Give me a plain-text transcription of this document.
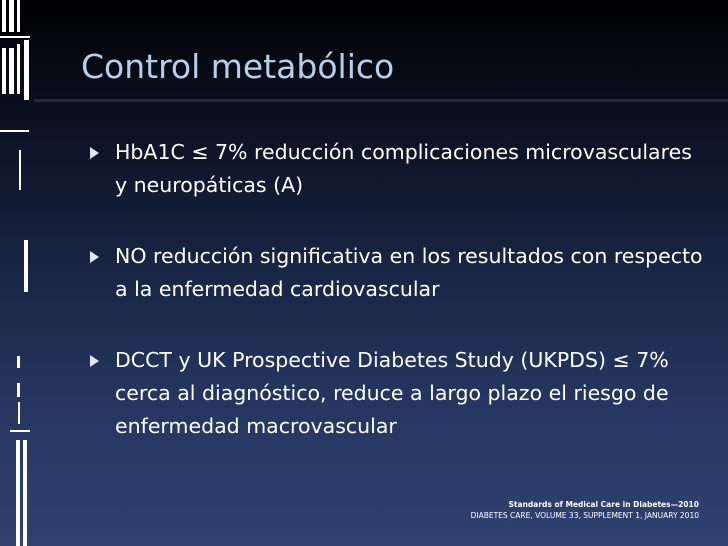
Control metabólico
HbA1C ≤ 7% reducción complicaciones microvasculares y neuropáticas (A)
NO reducción significativa en los resultados con respecto a la enfermedad cardiovascular
DCCT y UK Prospective Diabetes Study (UKPDS) ≤ 7% cerca al diagnóstico, reduce a largo plazo el riesgo de enfermedad macrovascular
Standards of Medical Care in Diabetes—2010
DIABETES CARE, VOLUME 33, SUPPLEMENT 1, JANUARY 2010
